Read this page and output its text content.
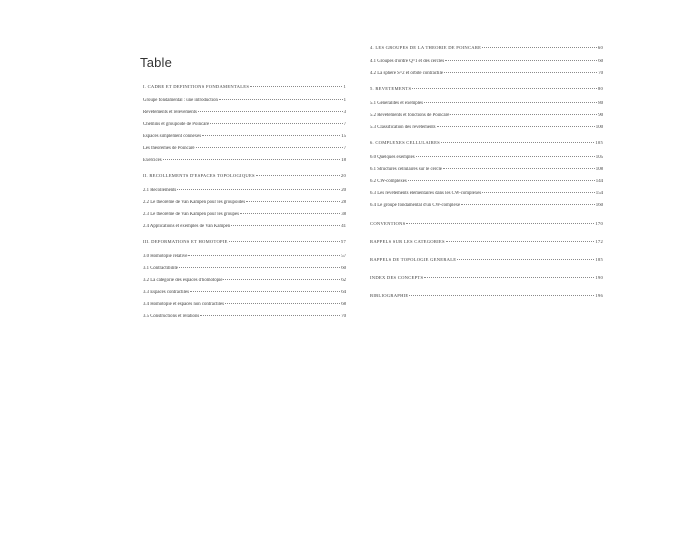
Table
I. CADRE ET DEFINITIONS FONDAMENTALES	1
Groupe fondamental : une introduction	1
Revêtements et relèvements	3
Chemins et groupoïde de Poincaré	7
Espaces simplement connexes	15
Les théorèmes de Poincaré	7
Exercices	18
II. RECOLLEMENTS D'ESPACES TOPOLOGIQUES	20
2.1 Recollements	20
2.2 Le théorème de Van Kampen pour les groupoïdes	28
2.3 Le théorème de Van Kampen pour les groupes	38
2.4 Applications et exemples de Van Kampen	41
III. DEFORMATIONS ET HOMOTOPIE	57
3.0 Homotopie relative	57
3.1 Contractibilité	60
3.2 La catégorie des espaces d'homotopie	62
3.3 Espaces contractiles	64
3.4 Homotopie et espaces non contractiles	68
3.5 Constructions et relations	70
4. LES GROUPES DE LA THEORIE DE POINCARE	60
4.1 Groupes d'ordre Q^1 et des cercles	60
4.2 La sphère S^2 et orbite contractile	70
5. REVETEMENTS	80
5.1 Généralités et exemples	80
5.2 Revêtements et fonctions de Poincaré	90
5.3 Classification des revêtements	100
6. COMPLEXES CELLULAIRES	105
6.0 Quelques exemples	105
6.1 Structures cellulaires sur le cercle	108
6.2 CW-complexes	144
6.3 Les revêtements élémentaires dans les CW-complexes	154
6.4 Le groupe fondamental d'un CW-complexe	160
CONVENTIONS	170
RAPPELS SUR LES CATEGORIES	172
RAPPELS DE TOPOLOGIE GENERALE	185
INDEX DES CONCEPTS	190
BIBLIOGRAPHIE	196
